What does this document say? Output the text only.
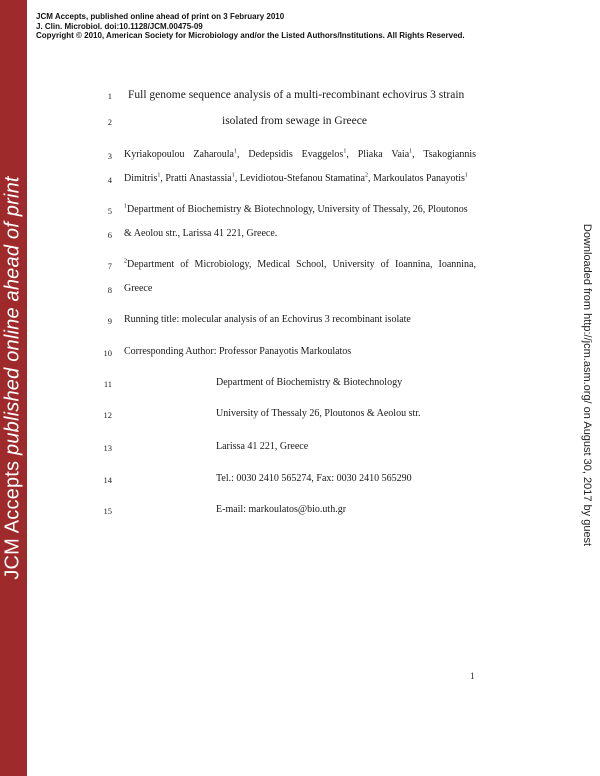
JCM Accepts published online ahead of print
JCM Accepts, published online ahead of print on 3 February 2010
J. Clin. Microbiol. doi:10.1128/JCM.00475-09
Copyright © 2010, American Society for Microbiology and/or the Listed Authors/Institutions. All Rights Reserved.
Downloaded from http://jcm.asm.org/ on August 30, 2017 by guest
1
2
3
4
5
6
7
8
9
10
11
12
13
14
15
Full genome sequence analysis of a multi-recombinant echovirus 3 strain
isolated from sewage in Greece
Kyriakopoulou Zaharoula$^1$, Dedepsidis Evaggelos$^1$, Pliaka Vaia$^1$, Tsakogiannis
Dimitris$^1$, Pratti Anastassia$^1$, Levidiotou-Stefanou Stamatina$^2$, Markoulatos Panayotis$^1$
$^1$Department of Biochemistry & Biotechnology, University of Thessaly, 26, Ploutonos
& Aeolou str., Larissa 41 221, Greece.
$^2$Department of Microbiology, Medical School, University of Ioannina, Ioannina,
Greece
Running title: molecular analysis of an Echovirus 3 recombinant isolate
Corresponding Author: Professor Panayotis Markoulatos
Department of Biochemistry & Biotechnology
University of Thessaly 26, Ploutonos & Aeolou str.
Larissa 41 221, Greece
Tel.: 0030 2410 565274, Fax: 0030 2410 565290
E-mail: markoulatos@bio.uth.gr
1
